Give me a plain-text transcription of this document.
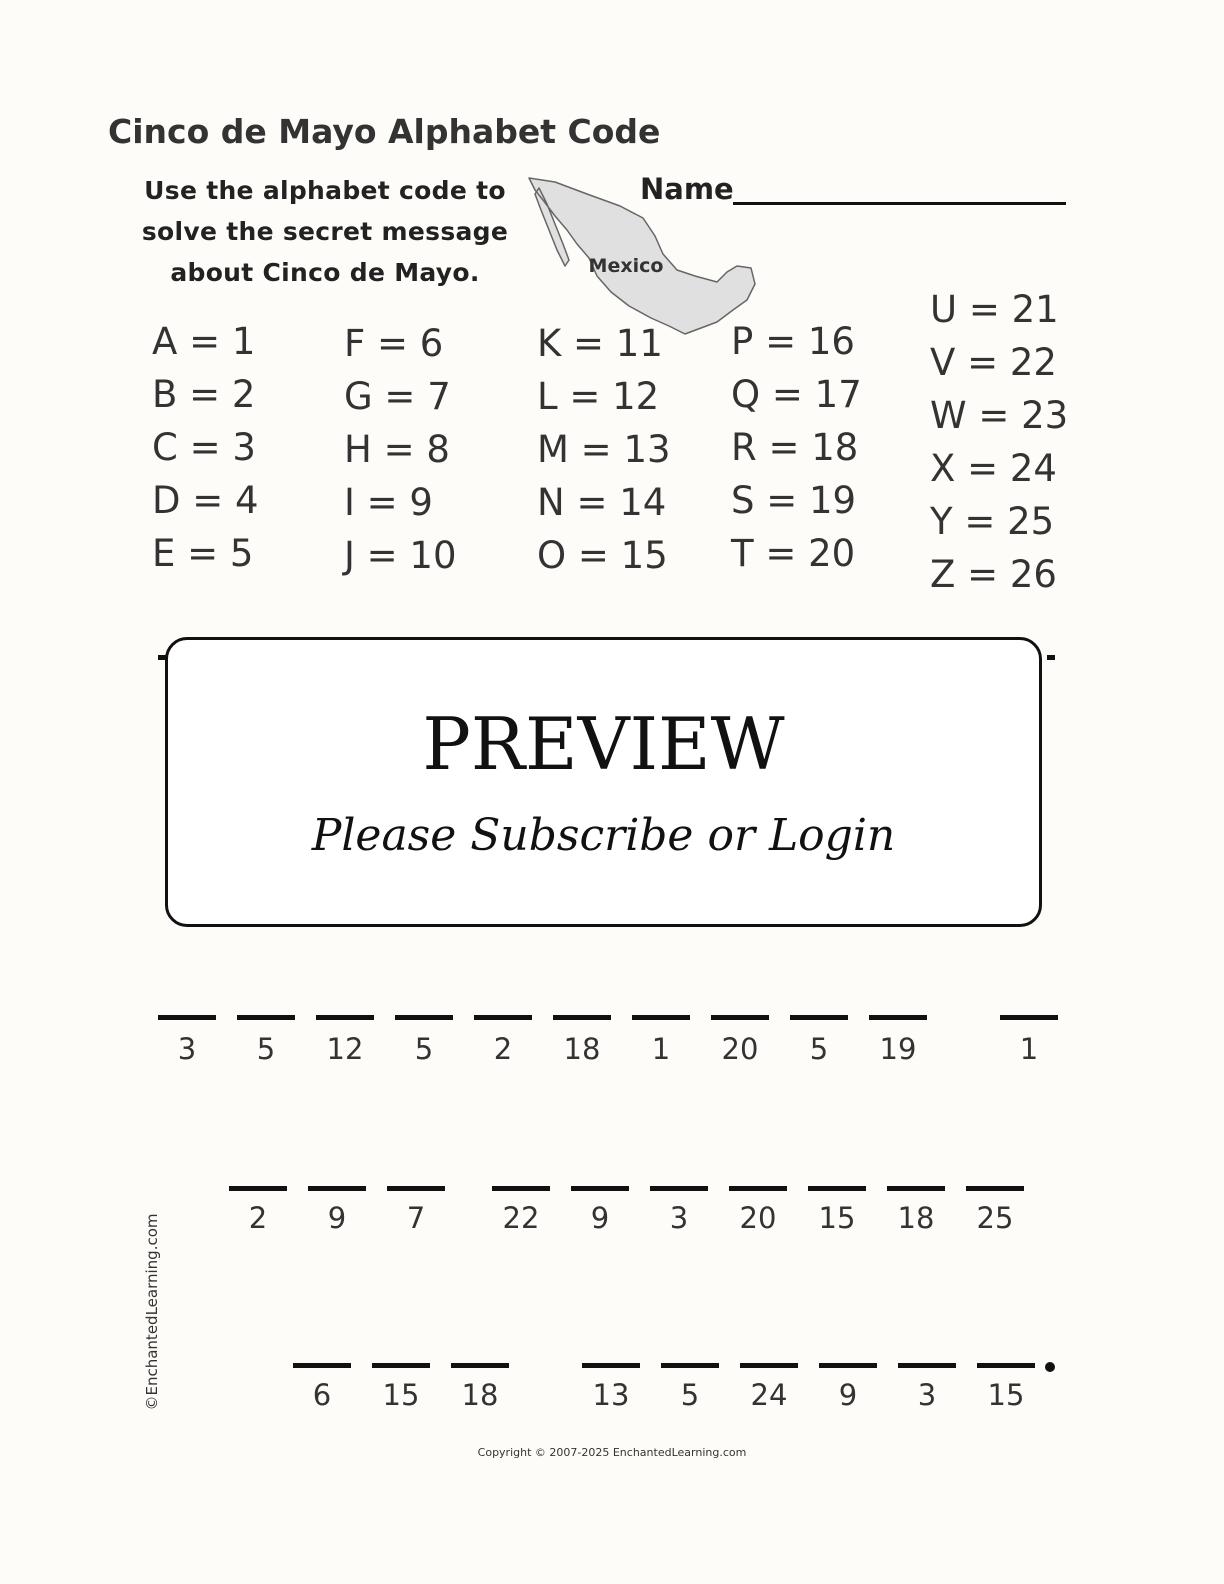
Cinco de Mayo Alphabet Code
Use the alphabet code to solve the secret message about Cinco de Mayo.	Mexico
Name
A = 1
B = 2
C = 3
D = 4
E = 5
F = 6
G = 7
H = 8
I = 9
J = 10
K = 11
L = 12
M = 13
N = 14
O = 15
P = 16
Q = 17
R = 18
S = 19
T = 20
U = 21
V = 22
W = 23
X = 24
Y = 25
Z = 26
PREVIEW
Please Subscribe or Login
3	5	12	5	2	18	1	20	5	19	1
2	9	7	22	9	3	20	15	18	25
6	15	18	13	5	24	9	3	15
©EnchantedLearning.com
Copyright © 2007-2025 EnchantedLearning.com
